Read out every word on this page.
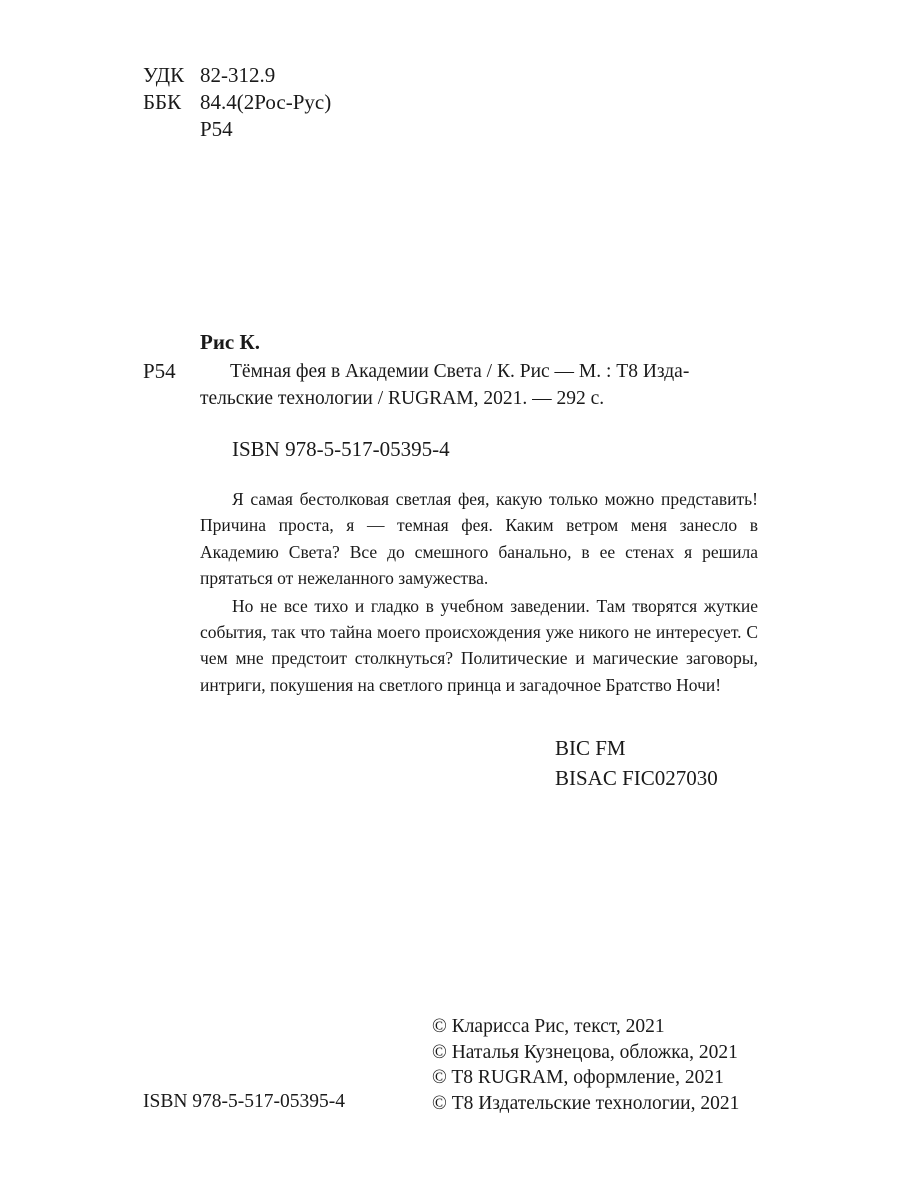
УДК 82-312.9
ББК 84.4(2Рос-Рус)
Р54
Рис К.
Р54	Тёмная фея в Академии Света / К. Рис — М. : Т8 Изда-
тельские технологии / RUGRAM, 2021. — 292 с.
ISBN 978-5-517-05395-4

Я самая бестолковая светлая фея, какую только можно представить! Причина проста, я — темная фея. Каким ветром меня занесло в Академию Света? Все до смешного банально, в ее стенах я решила прятаться от нежеланного замужества.

Но не все тихо и гладко в учебном заведении. Там творятся жуткие события, так что тайна моего происхождения уже никого не интересует. С чем мне предстоит столкнуться? Политические и магические заговоры, интриги, покушения на светлого принца и загадочное Братство Ночи!

BIC FM
BISAC FIC027030
© Кларисса Рис, текст, 2021
© Наталья Кузнецова, обложка, 2021
© T8 RUGRAM, оформление, 2021
© Т8 Издательские технологии, 2021
ISBN 978-5-517-05395-4
